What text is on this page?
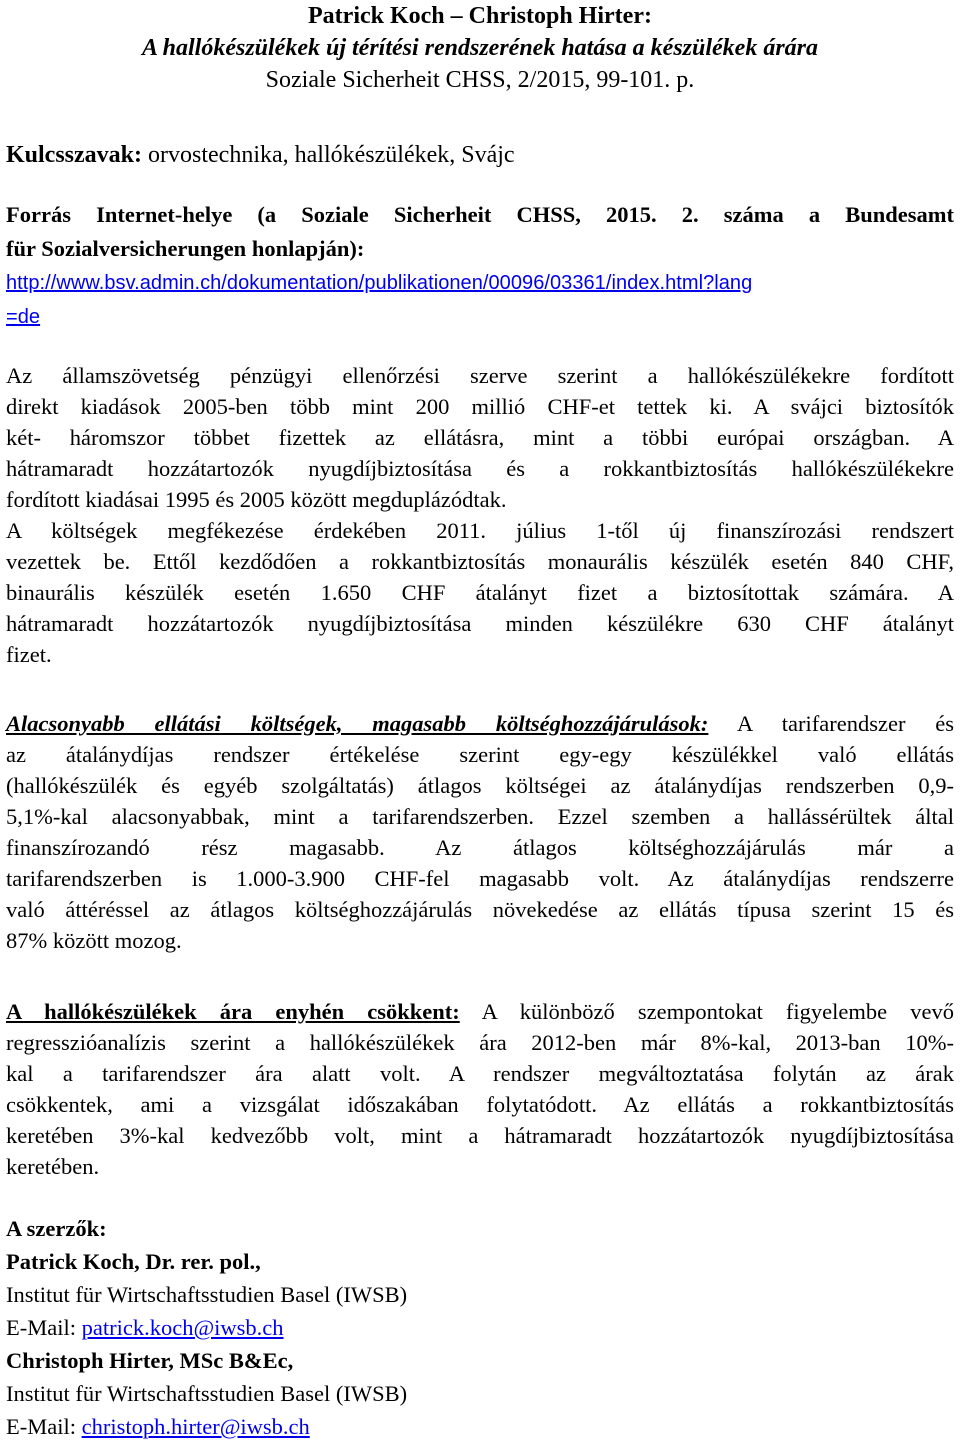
Patrick Koch – Christoph Hirter:
A hallókészülékek új térítési rendszerének hatása a készülékek árára
Soziale Sicherheit CHSS, 2/2015, 99-101. p.
Kulcsszavak: orvostechnika, hallókészülékek, Svájc
Forrás Internet-helye (a Soziale Sicherheit CHSS, 2015. 2. száma a Bundesamt
für Sozialversicherungen honlapján):
http://www.bsv.admin.ch/dokumentation/publikationen/00096/03361/index.html?lang
=de
Az államszövetség pénzügyi ellenőrzési szerve szerint a hallókészülékekre fordított
direkt kiadások 2005-ben több mint 200 millió CHF-et tettek ki. A svájci biztosítók
két- háromszor többet fizettek az ellátásra, mint a többi európai országban. A
hátramaradt hozzátartozók nyugdíjbiztosítása és a rokkantbiztosítás hallókészülékekre
fordított kiadásai 1995 és 2005 között megduplázódtak.
A költségek megfékezése érdekében 2011. július 1-től új finanszírozási rendszert
vezettek be. Ettől kezdődően a rokkantbiztosítás monaurális készülék esetén 840 CHF,
binaurális készülék esetén 1.650 CHF átalányt fizet a biztosítottak számára. A
hátramaradt hozzátartozók nyugdíjbiztosítása minden készülékre 630 CHF átalányt
fizet.
Alacsonyabb ellátási költségek, magasabb költséghozzájárulások: A tarifarendszer és
az átalánydíjas rendszer értékelése szerint egy-egy készülékkel való ellátás
(hallókészülék és egyéb szolgáltatás) átlagos költségei az átalánydíjas rendszerben 0,9-
5,1%-kal alacsonyabbak, mint a tarifarendszerben. Ezzel szemben a hallássérültek által
finanszírozandó rész magasabb. Az átlagos költséghozzájárulás már a
tarifarendszerben is 1.000-3.900 CHF-fel magasabb volt. Az átalánydíjas rendszerre
való áttéréssel az átlagos költséghozzájárulás növekedése az ellátás típusa szerint 15 és
87% között mozog.
A hallókészülékek ára enyhén csökkent: A különböző szempontokat figyelembe vevő
regresszióanalízis szerint a hallókészülékek ára 2012-ben már 8%-kal, 2013-ban 10%-
kal a tarifarendszer ára alatt volt. A rendszer megváltoztatása folytán az árak
csökkentek, ami a vizsgálat időszakában folytatódott. Az ellátás a rokkantbiztosítás
keretében 3%-kal kedvezőbb volt, mint a hátramaradt hozzátartozók nyugdíjbiztosítása
keretében.
A szerzők:
Patrick Koch, Dr. rer. pol.,
Institut für Wirtschaftsstudien Basel (IWSB)
E-Mail: patrick.koch@iwsb.ch
Christoph Hirter, MSc B&Ec,
Institut für Wirtschaftsstudien Basel (IWSB)
E-Mail: christoph.hirter@iwsb.ch
